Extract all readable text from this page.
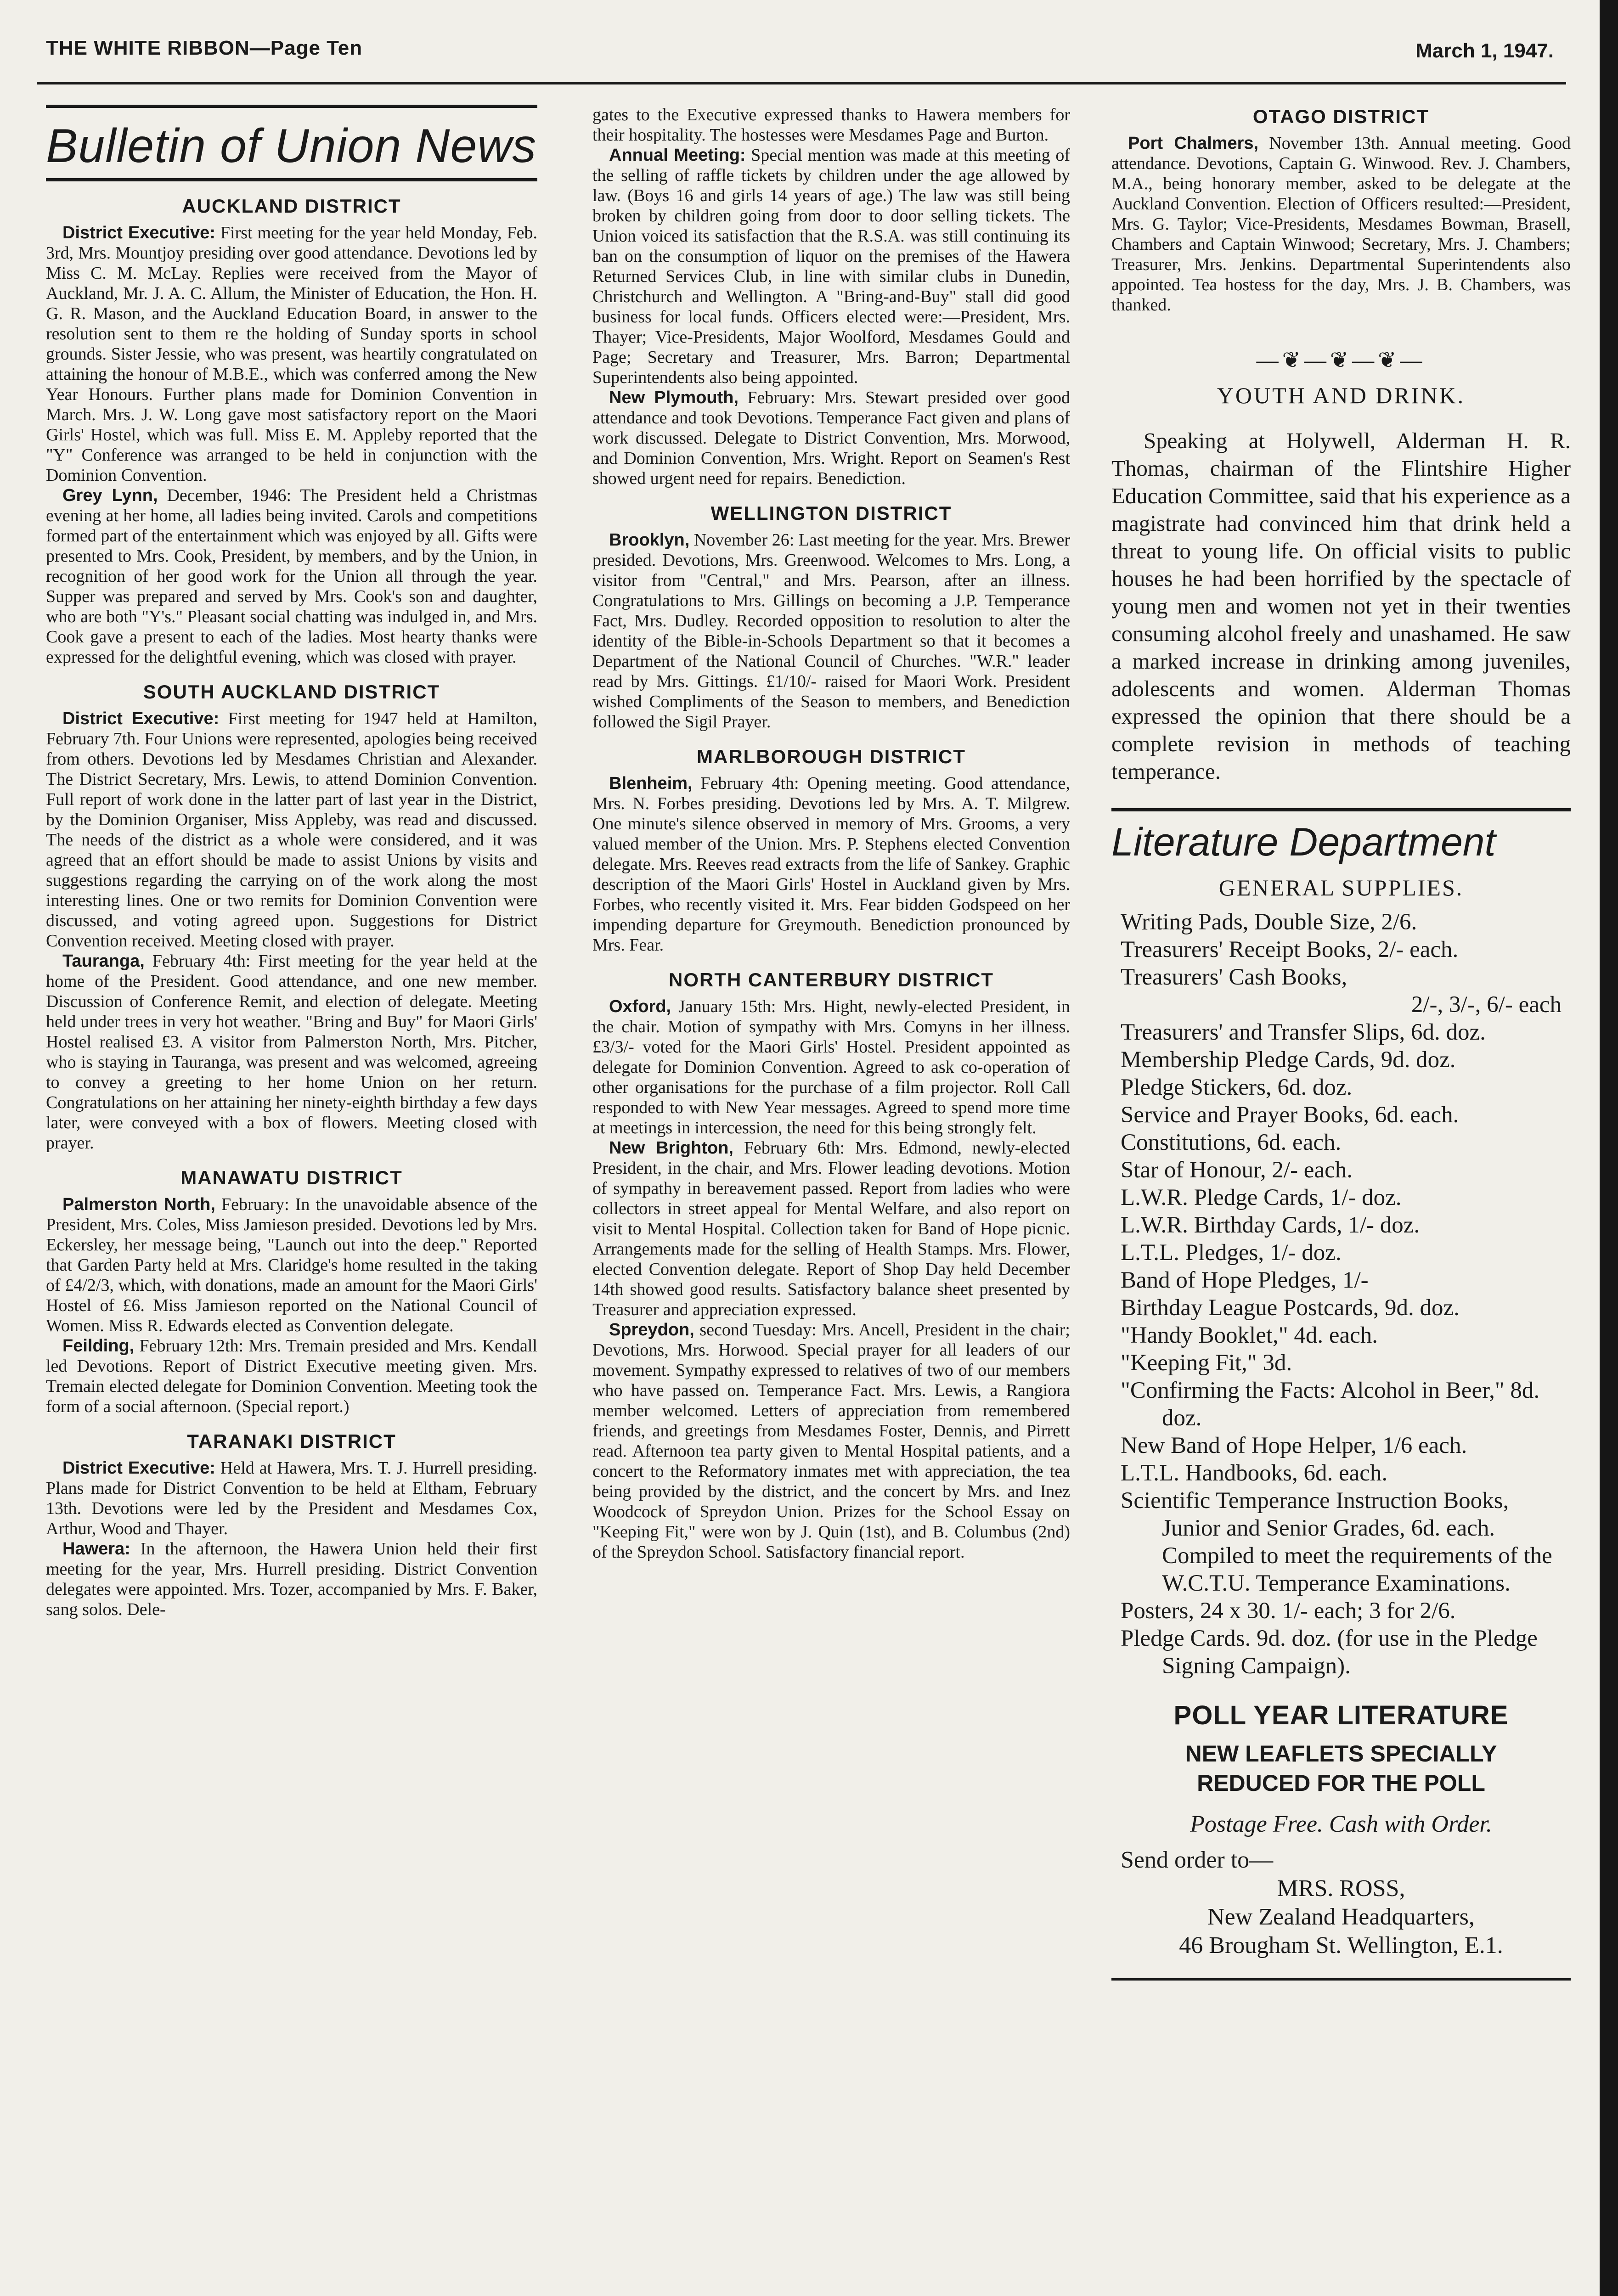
THE WHITE RIBBON—Page Ten	March 1, 1947.
Bulletin of Union News
AUCKLAND DISTRICT

District Executive: First meeting for the year held Monday, Feb. 3rd, Mrs. Mountjoy presiding over good attendance. Devotions led by Miss C. M. McLay. Replies were received from the Mayor of Auckland, Mr. J. A. C. Allum, the Minister of Education, the Hon. H. G. R. Mason, and the Auckland Education Board, in answer to the resolution sent to them re the holding of Sunday sports in school grounds. Sister Jessie, who was present, was heartily congratulated on attaining the honour of M.B.E., which was conferred among the New Year Honours. Further plans made for Dominion Convention in March. Mrs. J. W. Long gave most satisfactory report on the Maori Girls' Hostel, which was full. Miss E. M. Appleby reported that the "Y" Conference was arranged to be held in conjunction with the Dominion Convention.

Grey Lynn, December, 1946: The President held a Christmas evening at her home, all ladies being invited. Carols and competitions formed part of the entertainment which was enjoyed by all. Gifts were presented to Mrs. Cook, President, by members, and by the Union, in recognition of her good work for the Union all through the year. Supper was prepared and served by Mrs. Cook's son and daughter, who are both "Y's." Pleasant social chatting was indulged in, and Mrs. Cook gave a present to each of the ladies. Most hearty thanks were expressed for the delightful evening, which was closed with prayer.

SOUTH AUCKLAND DISTRICT

District Executive: First meeting for 1947 held at Hamilton, February 7th. Four Unions were represented, apologies being received from others. Devotions led by Mesdames Christian and Alexander. The District Secretary, Mrs. Lewis, to attend Dominion Convention. Full report of work done in the latter part of last year in the District, by the Dominion Organiser, Miss Appleby, was read and discussed. The needs of the district as a whole were considered, and it was agreed that an effort should be made to assist Unions by visits and suggestions regarding the carrying on of the work along the most interesting lines. One or two remits for Dominion Convention were discussed, and voting agreed upon. Suggestions for District Convention received. Meeting closed with prayer.

Tauranga, February 4th: First meeting for the year held at the home of the President. Good attendance, and one new member. Discussion of Conference Remit, and election of delegate. Meeting held under trees in very hot weather. "Bring and Buy" for Maori Girls' Hostel realised £3. A visitor from Palmerston North, Mrs. Pitcher, who is staying in Tauranga, was present and was welcomed, agreeing to convey a greeting to her home Union on her return. Congratulations on her attaining her ninety-eighth birthday a few days later, were conveyed with a box of flowers. Meeting closed with prayer.

MANAWATU DISTRICT

Palmerston North, February: In the unavoidable absence of the President, Mrs. Coles, Miss Jamieson presided. Devotions led by Mrs. Eckersley, her message being, "Launch out into the deep." Reported that Garden Party held at Mrs. Claridge's home resulted in the taking of £4/2/3, which, with donations, made an amount for the Maori Girls' Hostel of £6. Miss Jamieson reported on the National Council of Women. Miss R. Edwards elected as Convention delegate.

Feilding, February 12th: Mrs. Tremain presided and Mrs. Kendall led Devotions. Report of District Executive meeting given. Mrs. Tremain elected delegate for Dominion Convention. Meeting took the form of a social afternoon. (Special report.)

TARANAKI DISTRICT

District Executive: Held at Hawera, Mrs. T. J. Hurrell presiding. Plans made for District Convention to be held at Eltham, February 13th. Devotions were led by the President and Mesdames Cox, Arthur, Wood and Thayer.

Hawera: In the afternoon, the Hawera Union held their first meeting for the year, Mrs. Hurrell presiding. District Convention delegates were appointed. Mrs. Tozer, accompanied by Mrs. F. Baker, sang solos. Dele-

gates to the Executive expressed thanks to Hawera members for their hospitality. The hostesses were Mesdames Page and Burton.

Annual Meeting: Special mention was made at this meeting of the selling of raffle tickets by children under the age allowed by law. (Boys 16 and girls 14 years of age.) The law was still being broken by children going from door to door selling tickets. The Union voiced its satisfaction that the R.S.A. was still continuing its ban on the consumption of liquor on the premises of the Hawera Returned Services Club, in line with similar clubs in Dunedin, Christchurch and Wellington. A "Bring-and-Buy" stall did good business for local funds. Officers elected were:—President, Mrs. Thayer; Vice-Presidents, Major Woolford, Mesdames Gould and Page; Secretary and Treasurer, Mrs. Barron; Departmental Superintendents also being appointed.

New Plymouth, February: Mrs. Stewart presided over good attendance and took Devotions. Temperance Fact given and plans of work discussed. Delegate to District Convention, Mrs. Morwood, and Dominion Convention, Mrs. Wright. Report on Seamen's Rest showed urgent need for repairs. Benediction.

WELLINGTON DISTRICT

Brooklyn, November 26: Last meeting for the year. Mrs. Brewer presided. Devotions, Mrs. Greenwood. Welcomes to Mrs. Long, a visitor from "Central," and Mrs. Pearson, after an illness. Congratulations to Mrs. Gillings on becoming a J.P. Temperance Fact, Mrs. Dudley. Recorded opposition to resolution to alter the identity of the Bible-in-Schools Department so that it becomes a Department of the National Council of Churches. "W.R." leader read by Mrs. Gittings. £1/10/- raised for Maori Work. President wished Compliments of the Season to members, and Benediction followed the Sigil Prayer.

MARLBOROUGH DISTRICT

Blenheim, February 4th: Opening meeting. Good attendance, Mrs. N. Forbes presiding. Devotions led by Mrs. A. T. Milgrew. One minute's silence observed in memory of Mrs. Grooms, a very valued member of the Union. Mrs. P. Stephens elected Convention delegate. Mrs. Reeves read extracts from the life of Sankey. Graphic description of the Maori Girls' Hostel in Auckland given by Mrs. Forbes, who recently visited it. Mrs. Fear bidden Godspeed on her impending departure for Greymouth. Benediction pronounced by Mrs. Fear.

NORTH CANTERBURY DISTRICT

Oxford, January 15th: Mrs. Hight, newly-elected President, in the chair. Motion of sympathy with Mrs. Comyns in her illness. £3/3/- voted for the Maori Girls' Hostel. President appointed as delegate for Dominion Convention. Agreed to ask co-operation of other organisations for the purchase of a film projector. Roll Call responded to with New Year messages. Agreed to spend more time at meetings in intercession, the need for this being strongly felt.

New Brighton, February 6th: Mrs. Edmond, newly-elected President, in the chair, and Mrs. Flower leading devotions. Motion of sympathy in bereavement passed. Report from ladies who were collectors in street appeal for Mental Welfare, and also report on visit to Mental Hospital. Collection taken for Band of Hope picnic. Arrangements made for the selling of Health Stamps. Mrs. Flower, elected Convention delegate. Report of Shop Day held December 14th showed good results. Satisfactory balance sheet presented by Treasurer and appreciation expressed.

Spreydon, second Tuesday: Mrs. Ancell, President in the chair; Devotions, Mrs. Horwood. Special prayer for all leaders of our movement. Sympathy expressed to relatives of two of our members who have passed on. Temperance Fact. Mrs. Lewis, a Rangiora member welcomed. Letters of appreciation from remembered friends, and greetings from Mesdames Foster, Dennis, and Pirrett read. Afternoon tea party given to Mental Hospital patients, and a concert to the Reformatory inmates met with appreciation, the tea being provided by the district, and the concert by Mrs. and Inez Woodcock of Spreydon Union. Prizes for the School Essay on "Keeping Fit," were won by J. Quin (1st), and B. Columbus (2nd) of the Spreydon School. Satisfactory financial report.

OTAGO DISTRICT

Port Chalmers, November 13th. Annual meeting. Good attendance. Devotions, Captain G. Winwood. Rev. J. Chambers, M.A., being honorary member, asked to be delegate at the Auckland Convention. Election of Officers resulted:—President, Mrs. G. Taylor; Vice-Presidents, Mesdames Bowman, Brasell, Chambers and Captain Winwood; Secretary, Mrs. J. Chambers; Treasurer, Mrs. Jenkins. Departmental Superintendents also appointed. Tea hostess for the day, Mrs. J. B. Chambers, was thanked.

—❦—❦—❦—
YOUTH AND DRINK.

Speaking at Holywell, Alderman H. R. Thomas, chairman of the Flintshire Higher Education Committee, said that his experience as a magistrate had convinced him that drink held a threat to young life. On official visits to public houses he had been horrified by the spectacle of young men and women not yet in their twenties consuming alcohol freely and unashamed. He saw a marked increase in drinking among juveniles, adolescents and women. Alderman Thomas expressed the opinion that there should be a complete revision in methods of teaching temperance.

Literature Department
GENERAL SUPPLIES.

Writing Pads, Double Size, 2/6.

Treasurers' Receipt Books, 2/- each.

Treasurers' Cash Books,

2/-, 3/-, 6/- each

Treasurers' and Transfer Slips, 6d. doz.

Membership Pledge Cards, 9d. doz.

Pledge Stickers, 6d. doz.

Service and Prayer Books, 6d. each.

Constitutions, 6d. each.

Star of Honour, 2/- each.

L.W.R. Pledge Cards, 1/- doz.

L.W.R. Birthday Cards, 1/- doz.

L.T.L. Pledges, 1/- doz.

Band of Hope Pledges, 1/-

Birthday League Postcards, 9d. doz.

"Handy Booklet," 4d. each.

"Keeping Fit," 3d.

"Confirming the Facts: Alcohol in Beer," 8d. doz.

New Band of Hope Helper, 1/6 each.

L.T.L. Handbooks, 6d. each.

Scientific Temperance Instruction Books, Junior and Senior Grades, 6d. each. Compiled to meet the requirements of the W.C.T.U. Temperance Examinations.

Posters, 24 x 30. 1/- each; 3 for 2/6.

Pledge Cards. 9d. doz. (for use in the Pledge Signing Campaign).

POLL YEAR LITERATURE
NEW LEAFLETS SPECIALLY
REDUCED FOR THE POLL
Postage Free. Cash with Order.

Send order to—

MRS. ROSS,

New Zealand Headquarters,

46 Brougham St. Wellington, E.1.
